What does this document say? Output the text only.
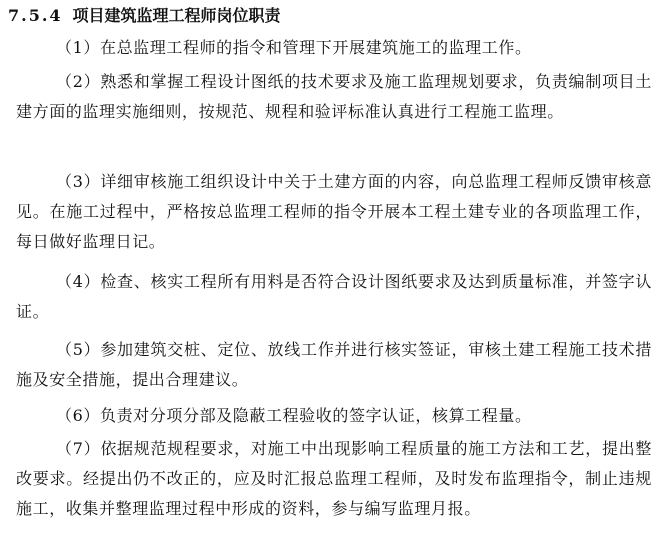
7.5.4 项目建筑监理工程师岗位职责

（1）在总监理工程师的指令和管理下开展建筑施工的监理工作。

（2）熟悉和掌握工程设计图纸的技术要求及施工监理规划要求，负责编制项目土建方面的监理实施细则，按规范、规程和验评标准认真进行工程施工监理。

（3）详细审核施工组织设计中关于土建方面的内容，向总监理工程师反馈审核意见。在施工过程中，严格按总监理工程师的指令开展本工程土建专业的各项监理工作，每日做好监理日记。

（4）检查、核实工程所有用料是否符合设计图纸要求及达到质量标准，并签字认证。

（5）参加建筑交桩、定位、放线工作并进行核实签证，审核土建工程施工技术措施及安全措施，提出合理建议。

（6）负责对分项分部及隐蔽工程验收的签字认证，核算工程量。

（7）依据规范规程要求，对施工中出现影响工程质量的施工方法和工艺，提出整改要求。经提出仍不改正的，应及时汇报总监理工程师，及时发布监理指令，制止违规施工，收集并整理监理过程中形成的资料，参与编写监理月报。
